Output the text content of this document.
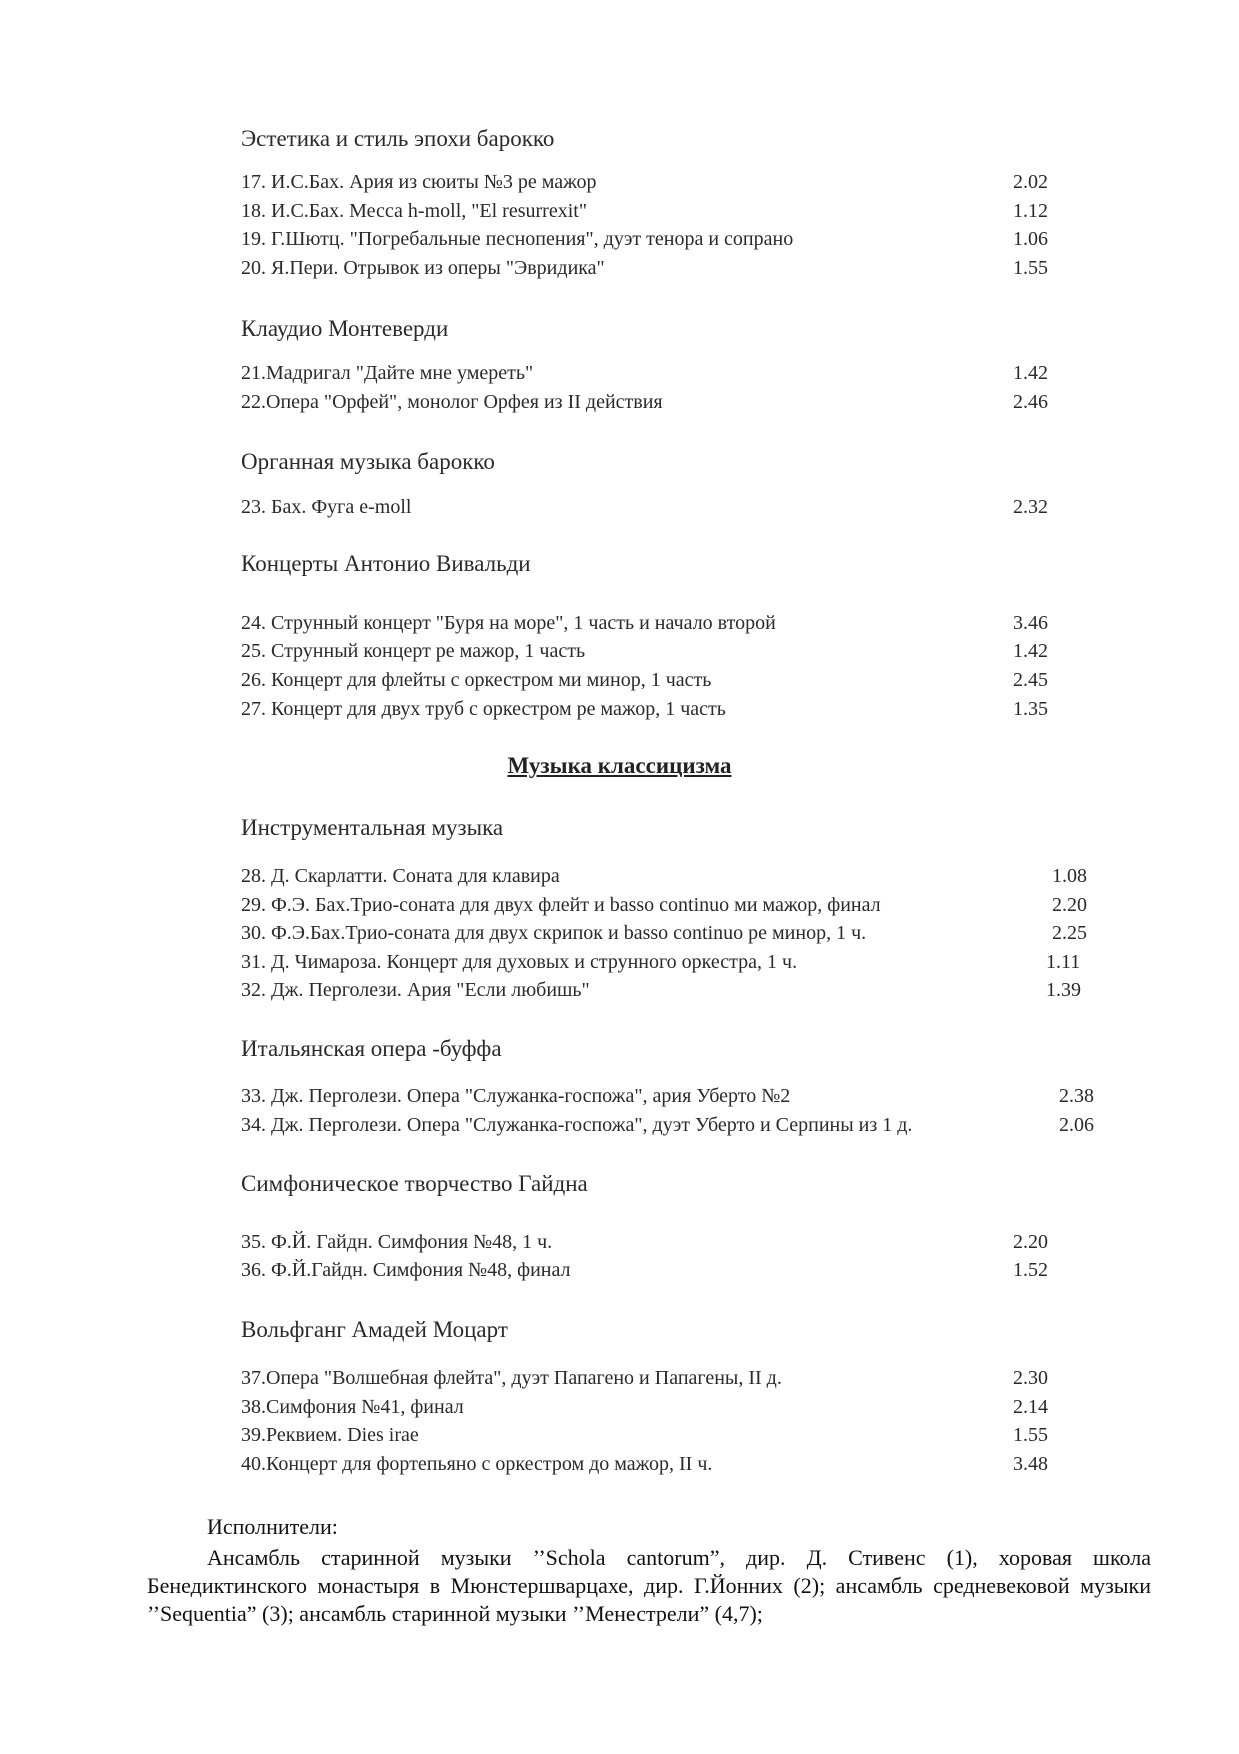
Эстетика и стиль эпохи барокко
17. И.С.Бах. Ария из сюиты №3 ре мажор	2.02
18. И.С.Бах. Месса h-moll, "El resurrexit"	1.12
19. Г.Шютц. "Погребальные песнопения", дуэт тенора и сопрано	1.06
20. Я.Пери. Отрывок из оперы "Эвридика"	1.55
Клаудио Монтеверди
21.Мадригал "Дайте мне умереть"	1.42
22.Опера "Орфей", монолог Орфея из II действия	2.46
Органная музыка барокко
23. Бах. Фуга e-moll	2.32
Концерты Антонио Вивальди
24. Струнный концерт "Буря на море", 1 часть и начало второй	3.46
25. Струнный концерт ре мажор, 1 часть	1.42
26. Концерт для флейты с оркестром ми минор, 1 часть	2.45
27. Концерт для двух труб с оркестром ре мажор, 1 часть	1.35
Музыка классицизма
Инструментальная музыка
28. Д. Скарлатти. Соната для клавира	1.08
29. Ф.Э. Бах.Трио-соната для двух флейт и basso continuo ми мажор, финал	2.20
30. Ф.Э.Бах.Трио-соната для двух скрипок и basso continuo ре минор, 1 ч.	2.25
31. Д. Чимароза. Концерт для духовых и струнного оркестра, 1 ч.	1.11
32. Дж. Перголези. Ария "Если любишь"	1.39
Итальянская опера -буффа
33. Дж. Перголези. Опера "Служанка-госпожа", ария Уберто №2	2.38
34. Дж. Перголези. Опера "Служанка-госпожа", дуэт Уберто и Серпины из 1 д.	2.06
Симфоническое творчество Гайдна
35. Ф.Й. Гайдн. Симфония №48, 1 ч.	2.20
36. Ф.Й.Гайдн. Симфония №48, финал	1.52
Вольфганг Амадей Моцарт
37.Опера "Волшебная флейта", дуэт Папагено и Папагены, II д.	2.30
38.Симфония №41, финал	2.14
39.Реквием. Dies irae	1.55
40.Концерт для фортепьяно с оркестром до мажор, II ч.	3.48
Исполнители:
Ансамбль старинной музыки ’’Schola cantorum”, дир. Д. Стивенс (1), хоровая школа Бенедиктинского монастыря в Мюнстершварцахе, дир. Г.Йонних (2); ансамбль средневековой музыки ’’Sequentia” (3); ансамбль старинной музыки ’’Менестрели” (4,7);
